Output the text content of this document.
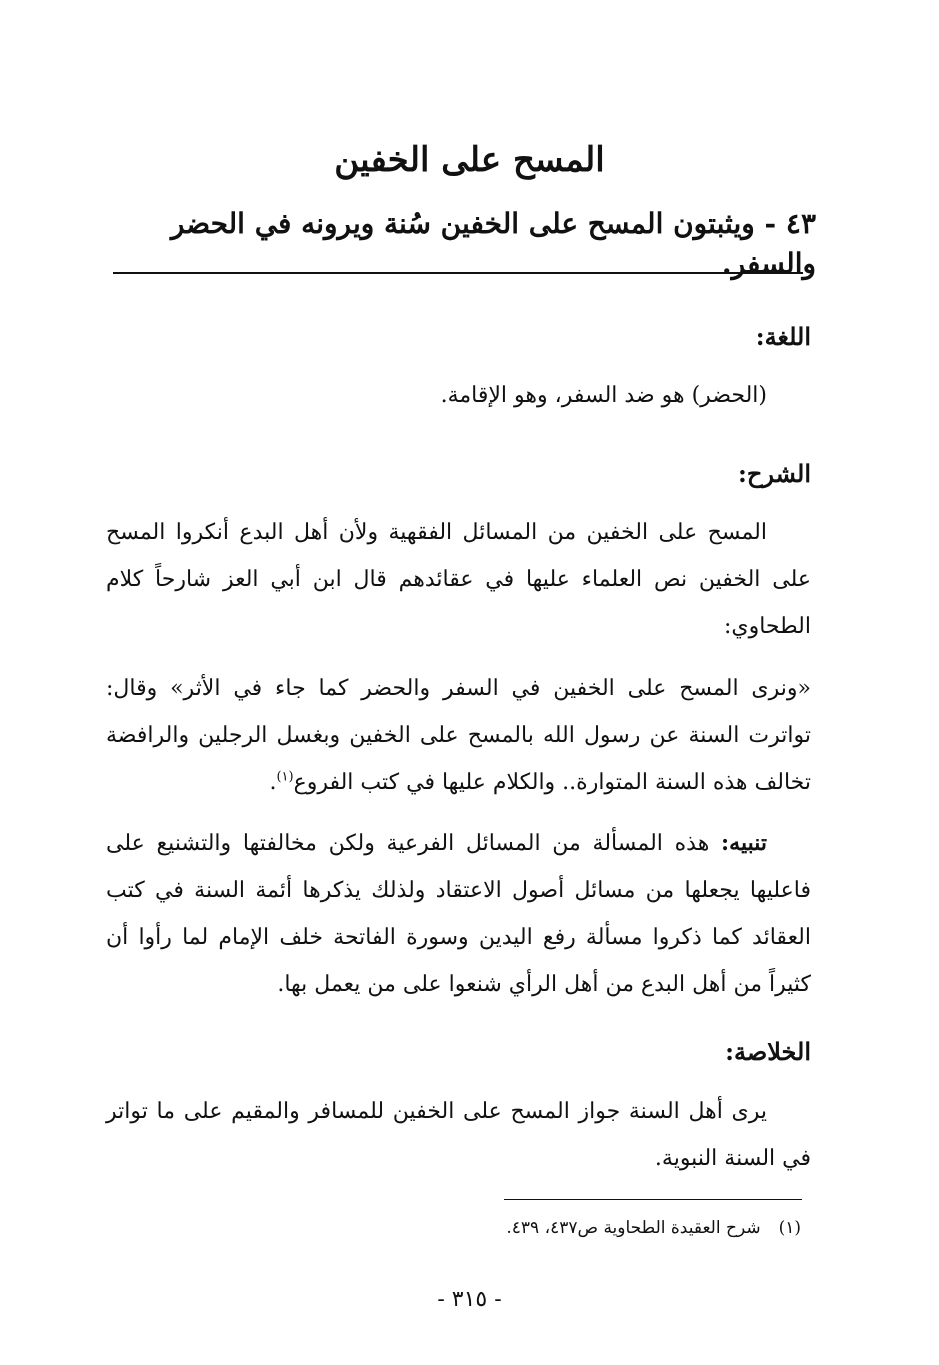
المسح على الخفين
٤٣ - ويثبتون المسح على الخفين سُنة ويرونه في الحضر والسفر.
اللغة:
(الحضر) هو ضد السفر، وهو الإقامة.
الشرح:
المسح على الخفين من المسائل الفقهية ولأن أهل البدع أنكروا المسح على الخفين نص العلماء عليها في عقائدهم قال ابن أبي العز شارحاً كلام الطحاوي:
«ونرى المسح على الخفين في السفر والحضر كما جاء في الأثر» وقال: تواترت السنة عن رسول الله بالمسح على الخفين وبغسل الرجلين والرافضة تخالف هذه السنة المتوارة.. والكلام عليها في كتب الفروع$^{(١)}$.
تنبيه: هذه المسألة من المسائل الفرعية ولكن مخالفتها والتشنيع على فاعليها يجعلها من مسائل أصول الاعتقاد ولذلك يذكرها أئمة السنة في كتب العقائد كما ذكروا مسألة رفع اليدين وسورة الفاتحة خلف الإمام لما رأوا أن كثيراً من أهل البدع من أهل الرأي شنعوا على من يعمل بها.
الخلاصة:
يرى أهل السنة جواز المسح على الخفين للمسافر والمقيم على ما تواتر في السنة النبوية.
(١)شرح العقيدة الطحاوية ص٤٣٧، ٤٣٩.
- ٣١٥ -
